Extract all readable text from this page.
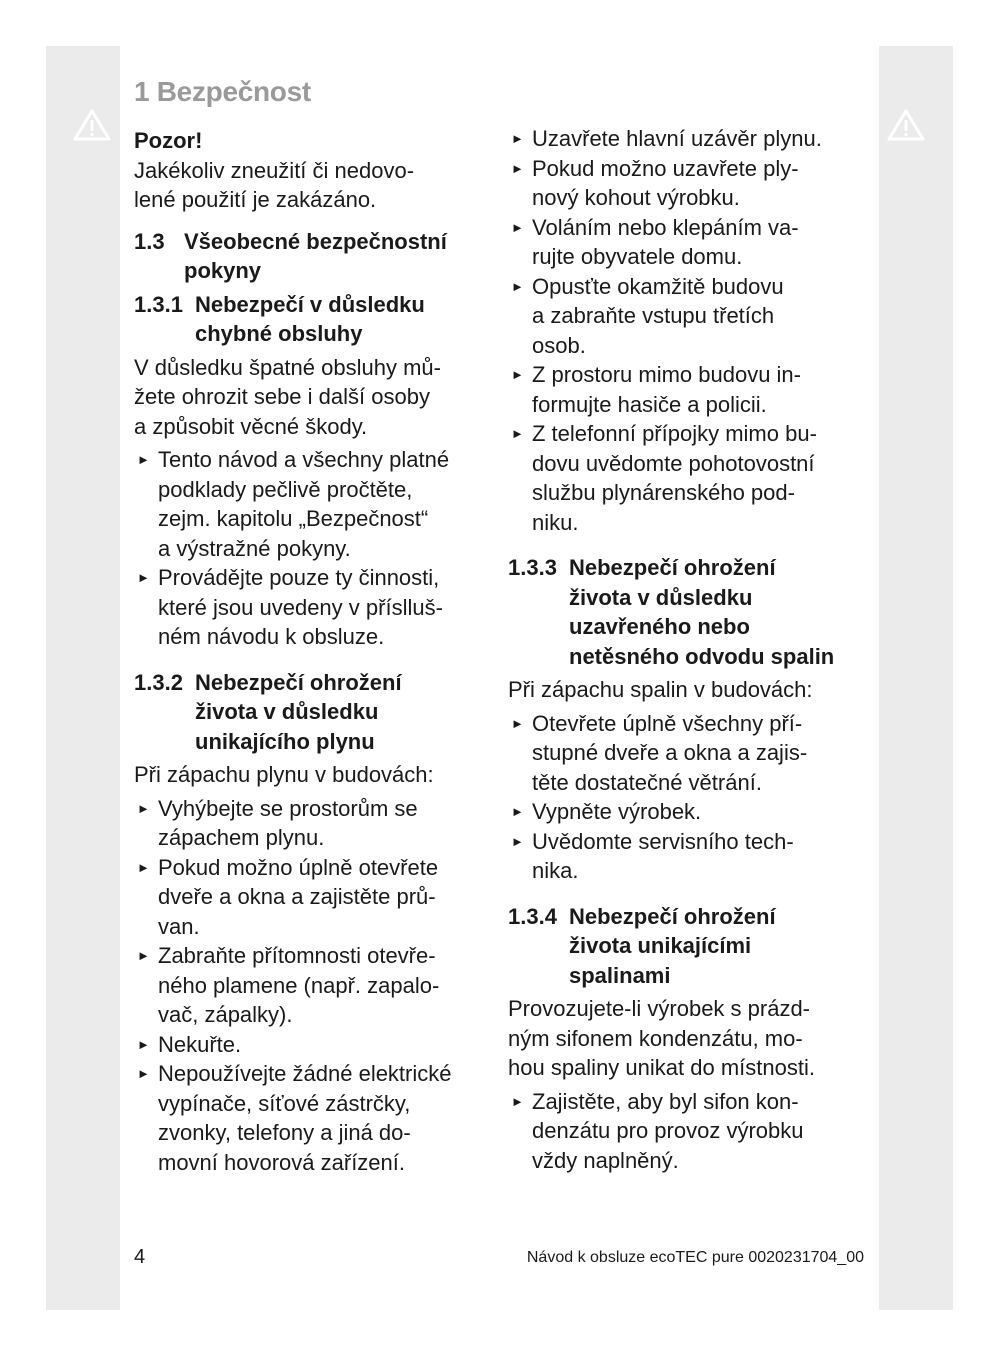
1 Bezpečnost

Pozor!

Jakékoliv zneužití či nedovo-
lené použití je zakázáno.

1.3 Všeobecné bezpečnostní
pokyny
1.3.1 Nebezpečí v důsledku
chybné obsluhy

V důsledku špatné obsluhy mů-
žete ohrozit sebe i další osoby
a způsobit věcné škody.

► Tento návod a všechny platné
podklady pečlivě pročtěte,
zejm. kapitolu „Bezpečnost“
a výstražné pokyny.
► Provádějte pouze ty činnosti,
které jsou uvedeny v příslluš-
ném návodu k obsluze.
1.3.2 Nebezpečí ohrožení
života v důsledku
unikajícího plynu

Při zápachu plynu v budovách:

► Vyhýbejte se prostorům se
zápachem plynu.
► Pokud možno úplně otevřete
dveře a okna a zajistěte prů-
van.
► Zabraňte přítomnosti otevře-
ného plamene (např. zapalo-
vač, zápalky).
► Nekuřte.
► Nepoužívejte žádné elektrické
vypínače, síťové zástrčky,
zvonky, telefony a jiná do-
movní hovorová zařízení.
► Uzavřete hlavní uzávěr plynu.
► Pokud možno uzavřete ply-
nový kohout výrobku.
► Voláním nebo klepáním va-
rujte obyvatele domu.
► Opusťte okamžitě budovu
a zabraňte vstupu třetích
osob.
► Z prostoru mimo budovu in-
formujte hasiče a policii.
► Z telefonní přípojky mimo bu-
dovu uvědomte pohotovostní
službu plynárenského pod-
niku.
1.3.3 Nebezpečí ohrožení
života v důsledku
uzavřeného nebo
netěsného odvodu spalin

Při zápachu spalin v budovách:

► Otevřete úplně všechny pří-
stupné dveře a okna a zajis-
těte dostatečné větrání.
► Vypněte výrobek.
► Uvědomte servisního tech-
nika.
1.3.4 Nebezpečí ohrožení
života unikajícími
spalinami

Provozujete-li výrobek s prázd-
ným sifonem kondenzátu, mo-
hou spaliny unikat do místnosti.

► Zajistěte, aby byl sifon kon-
denzátu pro provoz výrobku
vždy naplněný.
4	Návod k obsluze ecoTEC pure 0020231704_00
